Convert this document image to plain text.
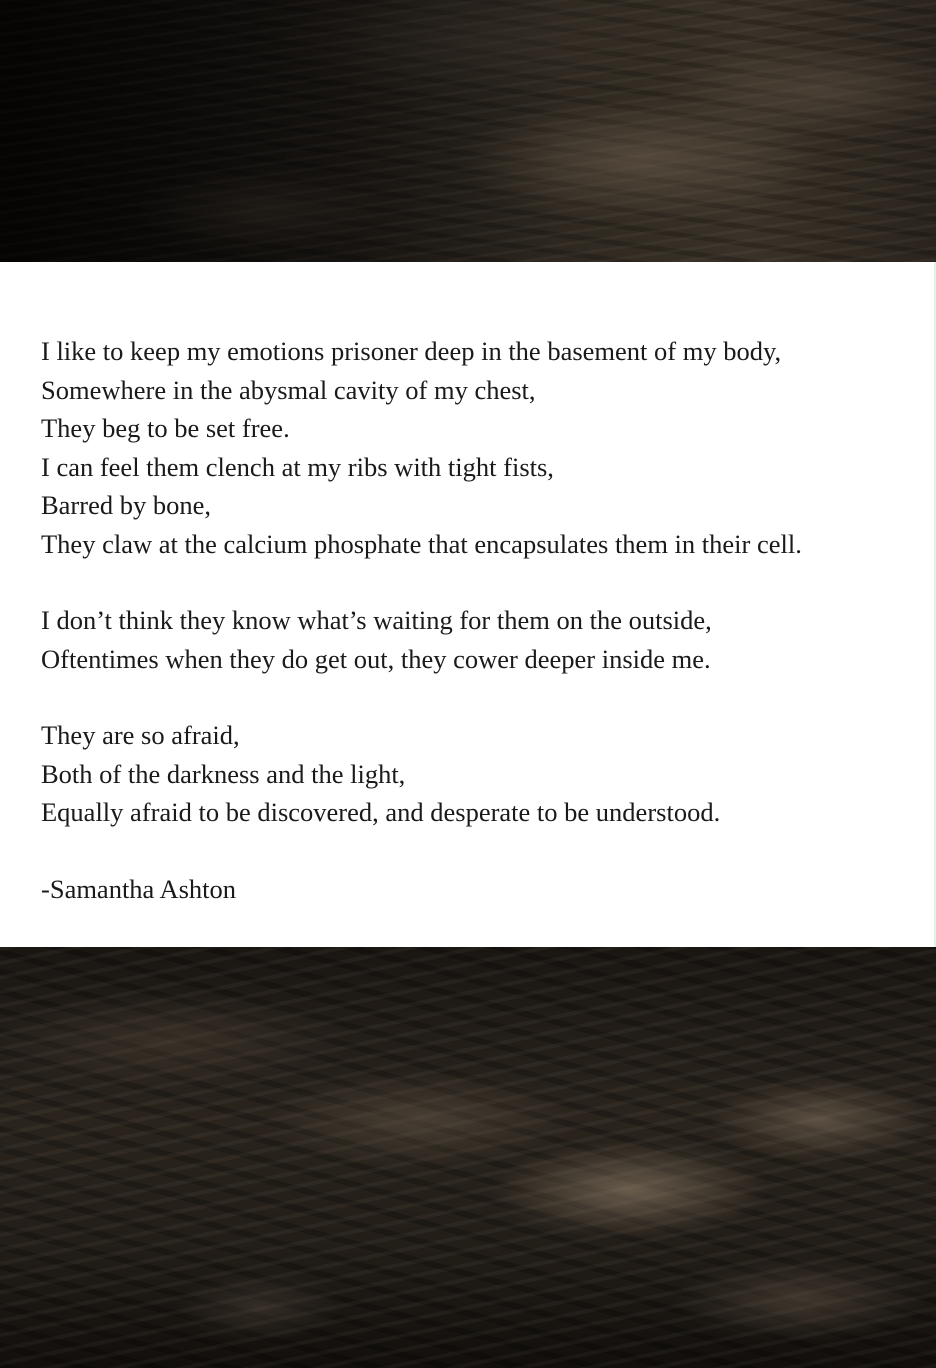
I like to keep my emotions prisoner deep in the basement of my body,
Somewhere in the abysmal cavity of my chest,
They beg to be set free.
I can feel them clench at my ribs with tight fists,
Barred by bone,
They claw at the calcium phosphate that encapsulates them in their cell.
I don’t think they know what’s waiting for them on the outside,
Oftentimes when they do get out, they cower deeper inside me.
They are so afraid,
Both of the darkness and the light,
Equally afraid to be discovered, and desperate to be understood.
-Samantha Ashton
